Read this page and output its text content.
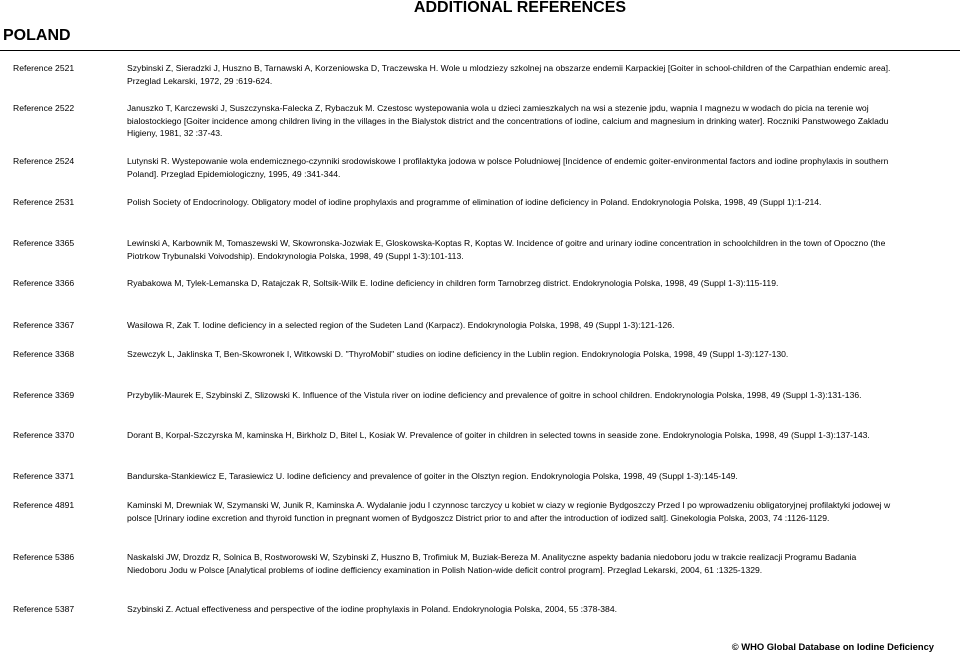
ADDITIONAL REFERENCES
POLAND
Reference 2521	Szybinski Z, Sieradzki J, Huszno B, Tarnawski A, Korzeniowska D, Traczewska H. Wole u mlodziezy szkolnej na obszarze endemii Karpackiej [Goiter in school-children of the Carpathian endemic area]. Przeglad Lekarski, 1972, 29 :619-624.
Reference 2522	Januszko T, Karczewski J, Suszczynska-Falecka Z, Rybaczuk M. Czestosc wystepowania wola u dzieci zamieszkalych na wsi a stezenie jpdu, wapnia I magnezu w wodach do picia na terenie woj bialostockiego [Goiter incidence among children living in the villages in the Bialystok district and the concentrations of iodine, calcium and magnesium in drinking water]. Roczniki Panstwowego Zakladu Higieny, 1981, 32 :37-43.
Reference 2524	Lutynski R. Wystepowanie wola endemicznego-czynniki srodowiskowe I profilaktyka jodowa w polsce Poludniowej [Incidence of endemic goiter-environmental factors and iodine prophylaxis in southern Poland]. Przeglad Epidemiologiczny, 1995, 49 :341-344.
Reference 2531	Polish Society of Endocrinology. Obligatory model of iodine prophylaxis and programme of elimination of iodine deficiency in Poland. Endokrynologia Polska, 1998, 49 (Suppl 1):1-214.
Reference 3365	Lewinski A, Karbownik M, Tomaszewski W, Skowronska-Jozwiak E, Gloskowska-Koptas R, Koptas W. Incidence of goitre and urinary iodine concentration in schoolchildren in the town of Opoczno (the Piotrkow Trybunalski Voivodship). Endokrynologia Polska, 1998, 49 (Suppl 1-3):101-113.
Reference 3366	Ryabakowa M, Tylek-Lemanska D, Ratajczak R, Soltsik-Wilk E. Iodine deficiency in children form Tarnobrzeg district. Endokrynologia Polska, 1998, 49 (Suppl 1-3):115-119.
Reference 3367	Wasilowa R, Zak T. Iodine deficiency in a selected region of the Sudeten Land (Karpacz). Endokrynologia Polska, 1998, 49 (Suppl 1-3):121-126.
Reference 3368	Szewczyk L, Jaklinska T, Ben-Skowronek I, Witkowski D. "ThyroMobil" studies on iodine deficiency in the Lublin region. Endokrynologia Polska, 1998, 49 (Suppl 1-3):127-130.
Reference 3369	Przybylik-Maurek E, Szybinski Z, Slizowski K. Influence of the Vistula river on iodine deficiency and prevalence of goitre in school children. Endokrynologia Polska, 1998, 49 (Suppl 1-3):131-136.
Reference 3370	Dorant B, Korpal-Szczyrska M, kaminska H, Birkholz D, Bitel L, Kosiak W. Prevalence of goiter in children in selected towns in seaside zone. Endokrynologia Polska, 1998, 49 (Suppl 1-3):137-143.
Reference 3371	Bandurska-Stankiewicz E, Tarasiewicz U. Iodine deficiency and prevalence of goiter in the Olsztyn region. Endokrynologia Polska, 1998, 49 (Suppl 1-3):145-149.
Reference 4891	Kaminski M, Drewniak W, Szymanski W, Junik R, Kaminska A. Wydalanie jodu I czynnosc tarczycy u kobiet w ciazy w regionie Bydgoszczy Przed I po wprowadzeniu obligatoryjnej profilaktyki jodowej w polsce [Urinary iodine excretion and thyroid function in pregnant women of Bydgoszcz District prior to and after the introduction of iodized salt]. Ginekologia Polska, 2003, 74 :1126-1129.
Reference 5386	Naskalski JW, Drozdz R, Solnica B, Rostworowski W, Szybinski Z, Huszno B, Trofimiuk M, Buziak-Bereza M. Analityczne aspekty badania niedoboru jodu w trakcie realizacji Programu Badania Niedoboru Jodu w Polsce [Analytical problems of iodine defficiency examination in Polish Nation-wide deficit control program]. Przeglad Lekarski, 2004, 61 :1325-1329.
Reference 5387	Szybinski Z. Actual effectiveness and perspective of the iodine prophylaxis in Poland. Endokrynologia Polska, 2004, 55 :378-384.
© WHO Global Database on Iodine Deficiency
